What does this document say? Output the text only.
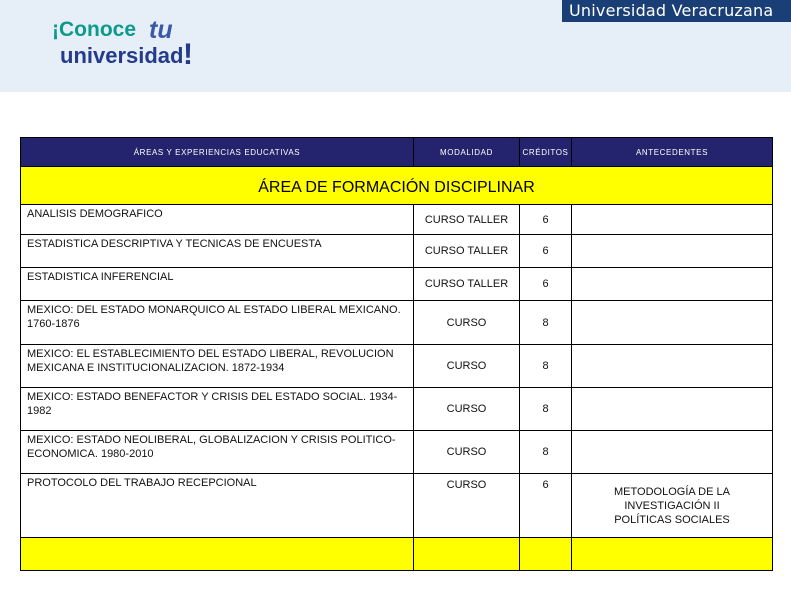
Universidad Veracruzana
¡Conoce tu
universidad !
ÁREAS Y EXPERIENCIAS EDUCATIVAS	MODALIDAD	CRÉDITOS	ANTECEDENTES
ÁREA DE FORMACIÓN DISCIPLINAR			
ANALISIS DEMOGRAFICO	CURSO TALLER	6	
ESTADISTICA DESCRIPTIVA Y TECNICAS DE ENCUESTA	CURSO TALLER	6	
ESTADISTICA INFERENCIAL	CURSO TALLER	6	
MEXICO: DEL ESTADO MONARQUICO AL ESTADO LIBERAL MEXICANO. 1760-1876	CURSO	8	
MEXICO: EL ESTABLECIMIENTO DEL ESTADO LIBERAL, REVOLUCION MEXICANA E INSTITUCIONALIZACION. 1872-1934	CURSO	8	
MEXICO: ESTADO BENEFACTOR Y CRISIS DEL ESTADO SOCIAL. 1934-1982	CURSO	8	
MEXICO: ESTADO NEOLIBERAL, GLOBALIZACION Y CRISIS POLITICO-ECONOMICA. 1980-2010	CURSO	8	
PROTOCOLO DEL TRABAJO RECEPCIONAL	CURSO	6	METODOLOGÍA DE LA INVESTIGACIÓN II POLÍTICAS SOCIALES
